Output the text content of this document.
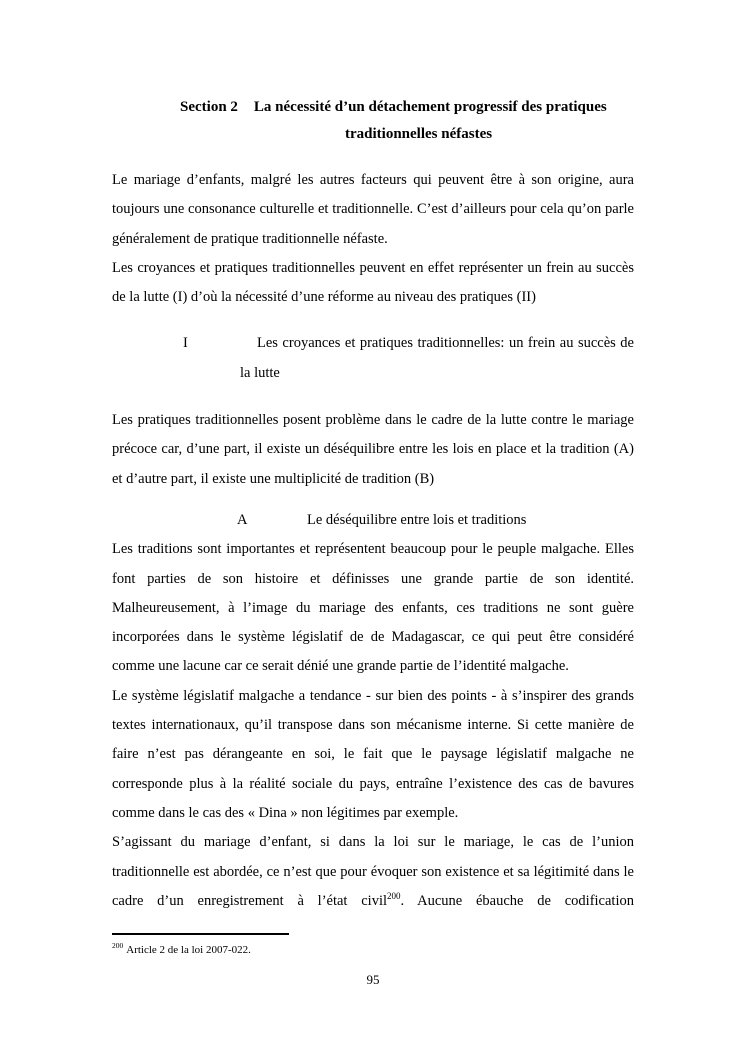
Section 2 La nécessité d’un détachement progressif des pratiques
traditionnelles néfastes

Le mariage d’enfants, malgré les autres facteurs qui peuvent être à son origine, aura toujours une consonance culturelle et traditionnelle. C’est d’ailleurs pour cela qu’on parle généralement de pratique traditionnelle néfaste.

Les croyances et pratiques traditionnelles peuvent en effet représenter un frein au succès de la lutte (I) d’où la nécessité d’une réforme au niveau des pratiques (II)

I	Les croyances et pratiques traditionnelles: un frein au succès de la lutte

Les pratiques traditionnelles posent problème dans le cadre de la lutte contre le mariage précoce car, d’une part, il existe un déséquilibre entre les lois en place et la tradition (A) et d’autre part, il existe une multiplicité de tradition (B)

A	Le déséquilibre entre lois et traditions

Les traditions sont importantes et représentent beaucoup pour le peuple malgache. Elles font parties de son histoire et définisses une grande partie de son identité. Malheureusement, à l’image du mariage des enfants, ces traditions ne sont guère incorporées dans le système législatif de de Madagascar, ce qui peut être considéré comme une lacune car ce serait dénié une grande partie de l’identité malgache.

Le système législatif malgache a tendance - sur bien des points - à s’inspirer des grands textes internationaux, qu’il transpose dans son mécanisme interne. Si cette manière de faire n’est pas dérangeante en soi, le fait que le paysage législatif malgache ne corresponde plus à la réalité sociale du pays, entraîne l’existence des cas de bavures comme dans le cas des « Dina » non légitimes par exemple.

S’agissant du mariage d’enfant, si dans la loi sur le mariage, le cas de l’union traditionnelle est abordée, ce n’est que pour évoquer son existence et sa légitimité dans le cadre d’un enregistrement à l’état civil$^{200}$. Aucune ébauche de codification

$^{200}$ Article 2 de la loi 2007-022.
95
